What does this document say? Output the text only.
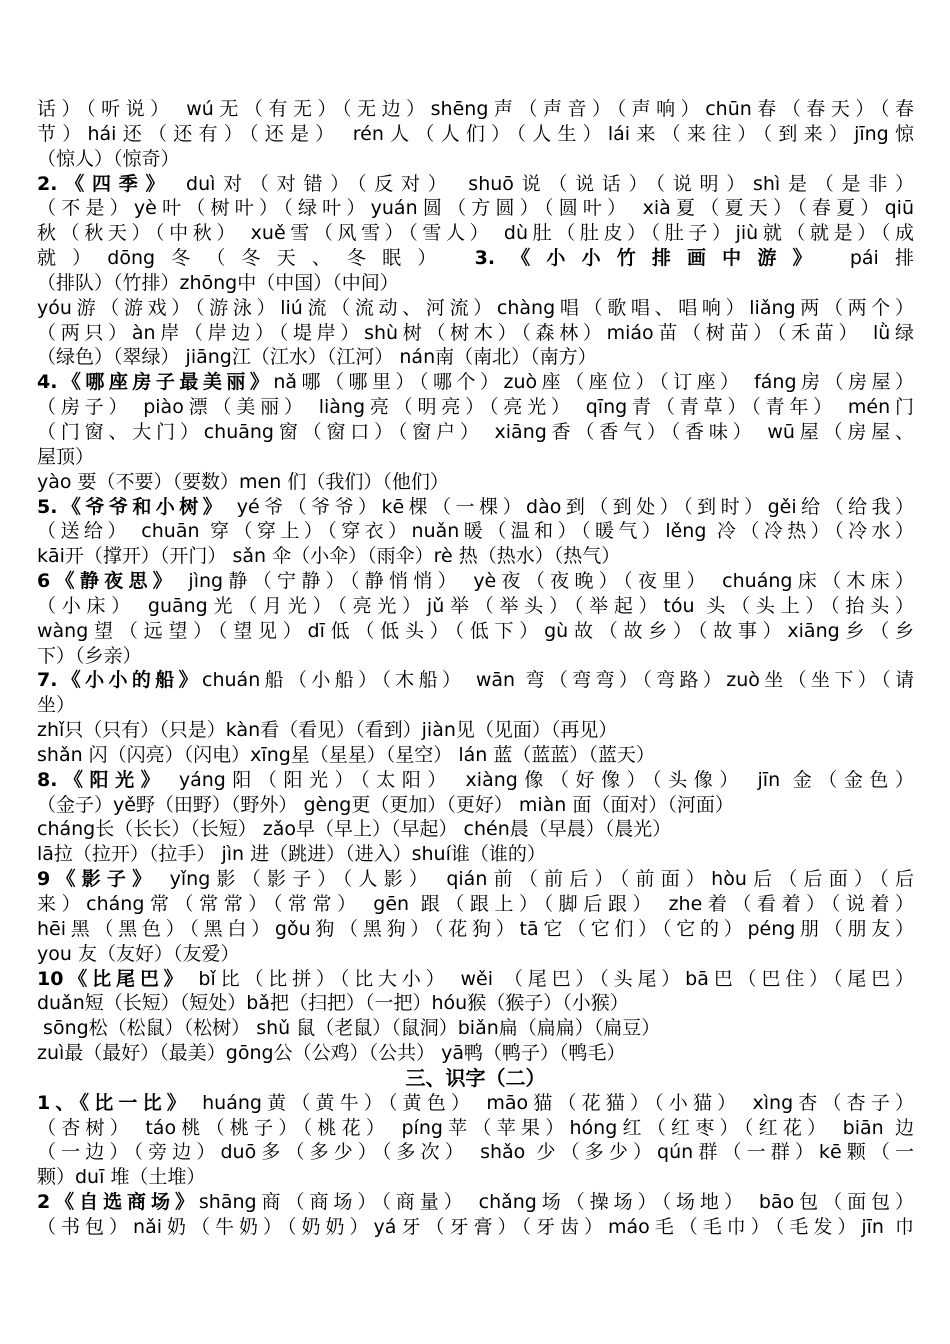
话）（听说） wú无（有无）（无边）shēng声（声音）（声响）chūn春（春天）（春
节）hái还（还有）（还是） rén人（人们）（人生）lái来（来往）（到来）jīng惊
（惊人）（惊奇）
2.《四季》 duì对（对错）（反对） shuō说（说话）（说明）shì是（是非）
（不是）yè叶（树叶）（绿叶）yuán圆（方圆）（圆叶） xià夏（夏天）（春夏）qiū
秋（秋天）（中秋） xuě雪（风雪）（雪人） dù肚（肚皮）（肚子）jiù就（就是）（成
就）dōng冬（冬天、冬眠） 3.《小小竹排画中游》 pái排
（排队）（竹排）zhōng中（中国）（中间）
yóu游（游戏）（游泳）liú流（流动、河流）chàng唱（歌唱、唱响）liǎng两（两个）
（两只）àn岸（岸边）（堤岸）shù树（树木）（森林）miáo苗（树苗）（禾苗） lǜ绿
（绿色）（翠绿） jiāng江（江水）（江河） nán南（南北）（南方）
4.《哪座房子最美丽》nǎ哪（哪里）（哪个）zuò座（座位）（订座） fáng房（房屋）
（房子） piào漂（美丽） liàng亮（明亮）（亮光） qīng青（青草）（青年） mén门
（门窗、大门）chuāng窗（窗口）（窗户） xiāng香（香气）（香味） wū屋（房屋、
屋顶）
yào 要（不要）（要数）men 们（我们）（他们）
5.《爷爷和小树》 yé爷（爷爷）kē棵（一棵）dào到（到处）（到时）gěi给（给我）
（送给） chuān 穿（穿上）（穿衣）nuǎn暖（温和）（暖气）lěng 冷（冷热）（冷水）
kāi开（撑开）（开门） sǎn 伞（小伞）（雨伞）rè 热（热水）（热气）
6《静夜思》 jìng静（宁静）（静悄悄） yè夜（夜晚）（夜里） chuáng床（木床）
（小床） guāng光（月光）（亮光）jǔ举（举头）（举起）tóu 头（头上）（抬头）
wàng望（远望）（望见）dī低（低头）（低下）gù故（故乡）（故事）xiāng乡（乡
下）（乡亲）
7.《小小的船》chuán船（小船）（木船） wān 弯（弯弯）（弯路）zuò坐（坐下）（请
坐）
zhǐ只（只有）（只是）kàn看（看见）（看到）jiàn见（见面）（再见）
shǎn 闪（闪亮）（闪电）xīng星（星星）（星空） lán 蓝（蓝蓝）（蓝天）
8.《阳光》 yáng阳（阳光）（太阳） xiàng像（好像）（头像） jīn 金（金色）
（金子）yě野（田野）（野外） gèng更（更加）（更好） miàn 面（面对）（河面）
cháng长（长长）（长短） zǎo早（早上）（早起） chén晨（早晨）（晨光）
lā拉（拉开）（拉手） jìn 进（跳进）（进入）shuí谁（谁的）
9《影子》 yǐng影（影子）（人影） qián前（前后）（前面）hòu后（后面）（后
来）cháng常（常常）（常常） gēn 跟（跟上）（脚后跟） zhe着（看着）（说着）
hēi黑（黑色）（黑白）gǒu狗（黑狗）（花狗）tā它（它们）（它的）péng朋（朋友）
you 友（友好）（友爱）
10《比尾巴》 bǐ比（比拼）（比大小） wěi （尾巴）（头尾）bā巴（巴住）（尾巴）
duǎn短（长短）（短处）bǎ把（扫把）（一把）hóu猴（猴子）（小猴）
sōng松（松鼠）（松树） shǔ 鼠（老鼠）（鼠洞）biǎn扁（扁扁）（扁豆）
zuì最（最好）（最美）gōng公（公鸡）（公共） yā鸭（鸭子）（鸭毛）
三、识字（二）
1、《比一比》 huáng黄（黄牛）（黄色） māo猫（花猫）（小猫） xìng杏（杏子）
（杏树） táo桃（桃子）（桃花） píng苹（苹果）hóng红（红枣）（红花） biān 边
（一边）（旁边）duō多（多少）（多次） shǎo 少（多少）qún群（一群）kē颗（一
颗）duī 堆（土堆）
2《自选商场》shāng商（商场）（商量） chǎng场（操场）（场地） bāo包（面包）
（书包）nǎi奶（牛奶）（奶奶）yá牙（牙膏）（牙齿）máo毛（毛巾）（毛发）jīn 巾
